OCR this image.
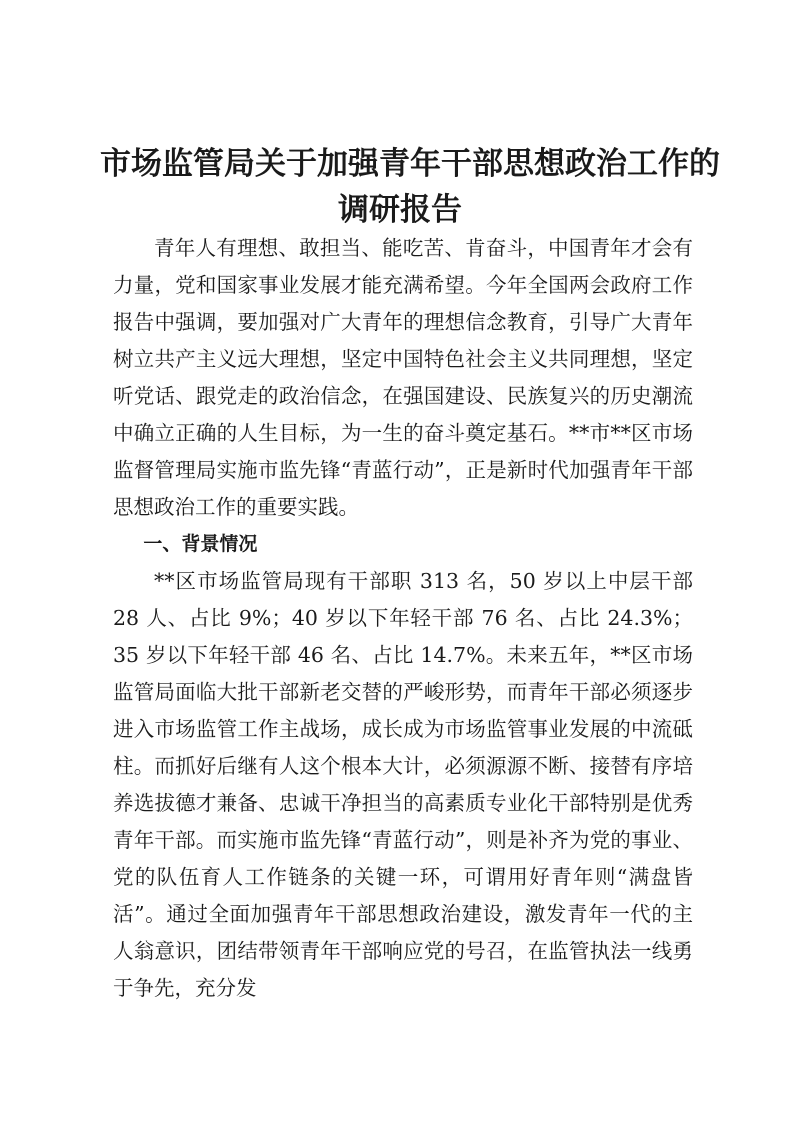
市场监管局关于加强青年干部思想政治工作的
调研报告

青年人有理想、敢担当、能吃苦、肯奋斗，中国青年才会有力量，党和国家事业发展才能充满希望。今年全国两会政府工作报告中强调，要加强对广大青年的理想信念教育，引导广大青年树立共产主义远大理想，坚定中国特色社会主义共同理想，坚定听党话、跟党走的政治信念，在强国建设、民族复兴的历史潮流中确立正确的人生目标，为一生的奋斗奠定基石。**市**区市场监督管理局实施市监先锋“青蓝行动”，正是新时代加强青年干部思想政治工作的重要实践。

一、背景情况

**区市场监管局现有干部职 313 名，50 岁以上中层干部 28 人、占比 9%；40 岁以下年轻干部 76 名、占比 24.3%；35 岁以下年轻干部 46 名、占比 14.7%。未来五年，**区市场监管局面临大批干部新老交替的严峻形势，而青年干部必须逐步进入市场监管工作主战场，成长成为市场监管事业发展的中流砥柱。而抓好后继有人这个根本大计，必须源源不断、接替有序培养选拔德才兼备、忠诚干净担当的高素质专业化干部特别是优秀青年干部。而实施市监先锋“青蓝行动”，则是补齐为党的事业、党的队伍育人工作链条的关键一环，可谓用好青年则“满盘皆活”。通过全面加强青年干部思想政治建设，激发青年一代的主人翁意识，团结带领青年干部响应党的号召，在监管执法一线勇于争先，充分发
